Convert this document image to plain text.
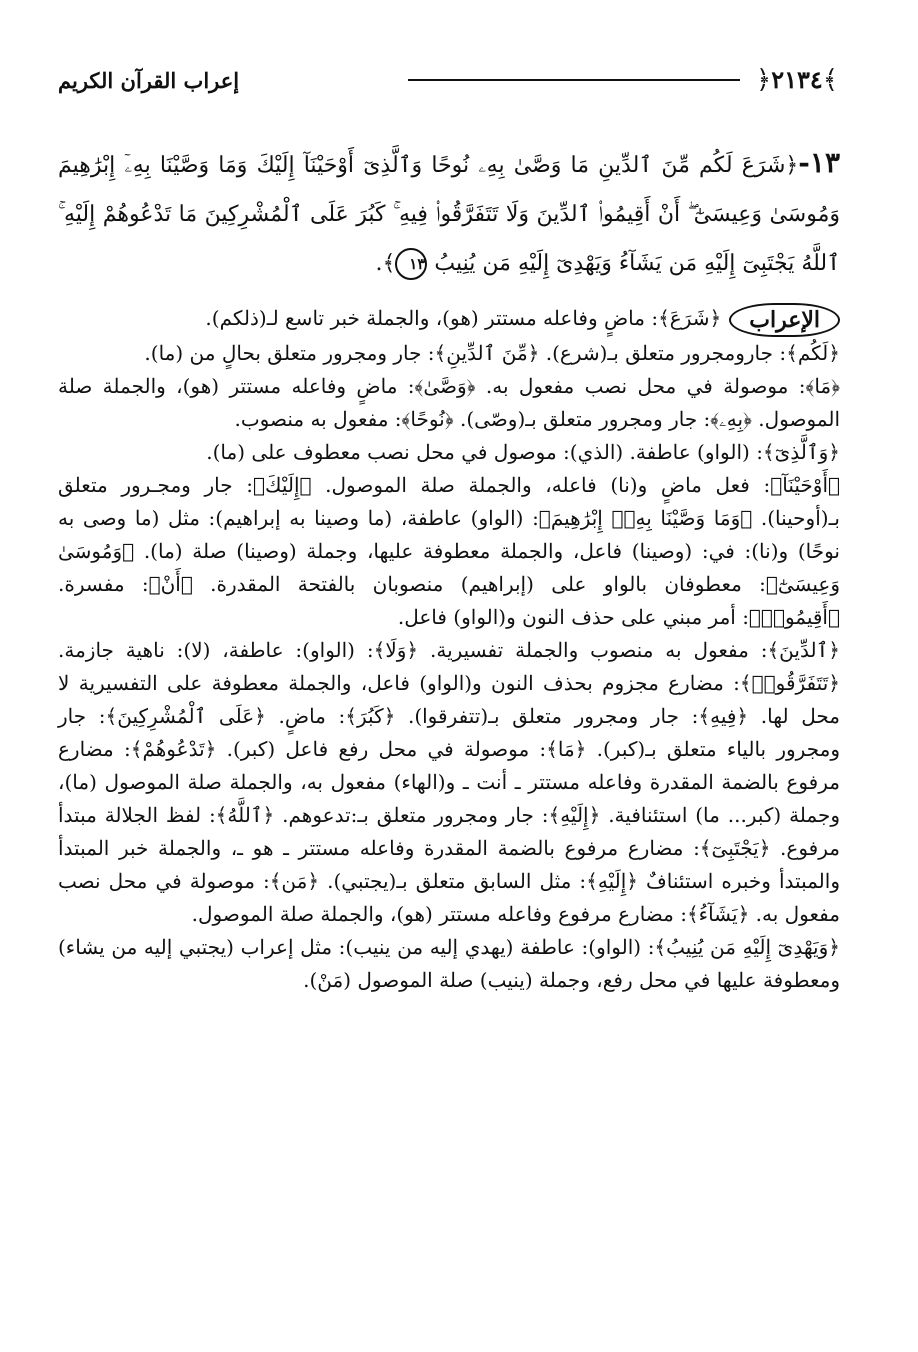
﴿٢١٣٤﴾
إعراب القرآن الكريم
١٣-﴿شَرَعَ لَكُم مِّنَ ٱلدِّينِ مَا وَصَّىٰ بِهِۦ نُوحًا وَٱلَّذِىٓ أَوْحَيْنَآ إِلَيْكَ وَمَا وَصَّيْنَا بِهِۦٓ إِبْرَٰهِيمَ وَمُوسَىٰ وَعِيسَىٰٓ ۖ أَنْ أَقِيمُوا۟ ٱلدِّينَ وَلَا تَتَفَرَّقُوا۟ فِيهِ ۚ كَبُرَ عَلَى ٱلْمُشْرِكِينَ مَا تَدْعُوهُمْ إِلَيْهِ ۚ ٱللَّهُ يَجْتَبِىٓ إِلَيْهِ مَن يَشَآءُ وَيَهْدِىٓ إِلَيْهِ مَن يُنِيبُ ١٣﴾.

الإعراب﴿شَرَعَ﴾: ماضٍ وفاعله مستتر (هو)، والجملة خبر تاسع لـ(ذلكم).

﴿لَكُم﴾: جارومجرور متعلق بـ(شرع). ﴿مِّنَ ٱلدِّينِ﴾: جار ومجرور متعلق بحالٍ من (ما).

﴿مَا﴾: موصولة في محل نصب مفعول به. ﴿وَصَّىٰ﴾: ماضٍ وفاعله مستتر (هو)، والجملة صلة الموصول. ﴿بِهِۦ﴾: جار ومجرور متعلق بـ(وصّى). ﴿نُوحًا﴾: مفعول به منصوب.

﴿وَٱلَّذِىٓ﴾: (الواو) عاطفة. (الذي): موصول في محل نصب معطوف على (ما).

﴿أَوْحَيْنَآ﴾: فعل ماضٍ و(نا) فاعله، والجملة صلة الموصول. ﴿إِلَيْكَ﴾: جار ومجـرور متعلق بـ(أوحينا). ﴿وَمَا وَصَّيْنَا بِهِۦٓ إِبْرَٰهِيمَ﴾: (الواو) عاطفة، (ما وصينا به إبراهيم): مثل (ما وصى به نوحًا) و(نا): في: (وصينا) فاعل، والجملة معطوفة عليها، وجملة (وصينا) صلة (ما). ﴿وَمُوسَىٰ وَعِيسَىٰٓ﴾: معطوفان بالواو على (إبراهيم) منصوبان بالفتحة المقدرة. ﴿أَنْ﴾: مفسرة. ﴿أَقِيمُوا۟﴾: أمر مبني على حذف النون و(الواو) فاعل.

﴿ٱلدِّينَ﴾: مفعول به منصوب والجملة تفسيرية. ﴿وَلَا﴾: (الواو): عاطفة، (لا): ناهية جازمة. ﴿تَتَفَرَّقُوا۟﴾: مضارع مجزوم بحذف النون و(الواو) فاعل، والجملة معطوفة على التفسيرية لا محل لها. ﴿فِيهِ﴾: جار ومجرور متعلق بـ(تتفرقوا). ﴿كَبُرَ﴾: ماضٍ. ﴿عَلَى ٱلْمُشْرِكِينَ﴾: جار ومجرور بالياء متعلق بـ(كبر). ﴿مَا﴾: موصولة في محل رفع فاعل (كبر). ﴿تَدْعُوهُمْ﴾: مضارع مرفوع بالضمة المقدرة وفاعله مستتر ـ أنت ـ و(الهاء) مفعول به، والجملة صلة الموصول (ما)، وجملة (كبر... ما) استئنافية. ﴿إِلَيْهِ﴾: جار ومجرور متعلق بـ:تدعوهم. ﴿ٱللَّهُ﴾: لفظ الجلالة مبتدأ مرفوع. ﴿يَجْتَبِىٓ﴾: مضارع مرفوع بالضمة المقدرة وفاعله مستتر ـ هو ـ، والجملة خبر المبتدأ والمبتدأ وخبره استئنافٌ ﴿إِلَيْهِ﴾: مثل السابق متعلق بـ(يجتبي). ﴿مَن﴾: موصولة في محل نصب مفعول به. ﴿يَشَآءُ﴾: مضارع مرفوع وفاعله مستتر (هو)، والجملة صلة الموصول.

﴿وَيَهْدِىٓ إِلَيْهِ مَن يُنِيبُ﴾: (الواو): عاطفة (يهدي إليه من ينيب): مثل إعراب (يجتبي إليه من يشاء) ومعطوفة عليها في محل رفع، وجملة (ينيب) صلة الموصول (مَنْ).
